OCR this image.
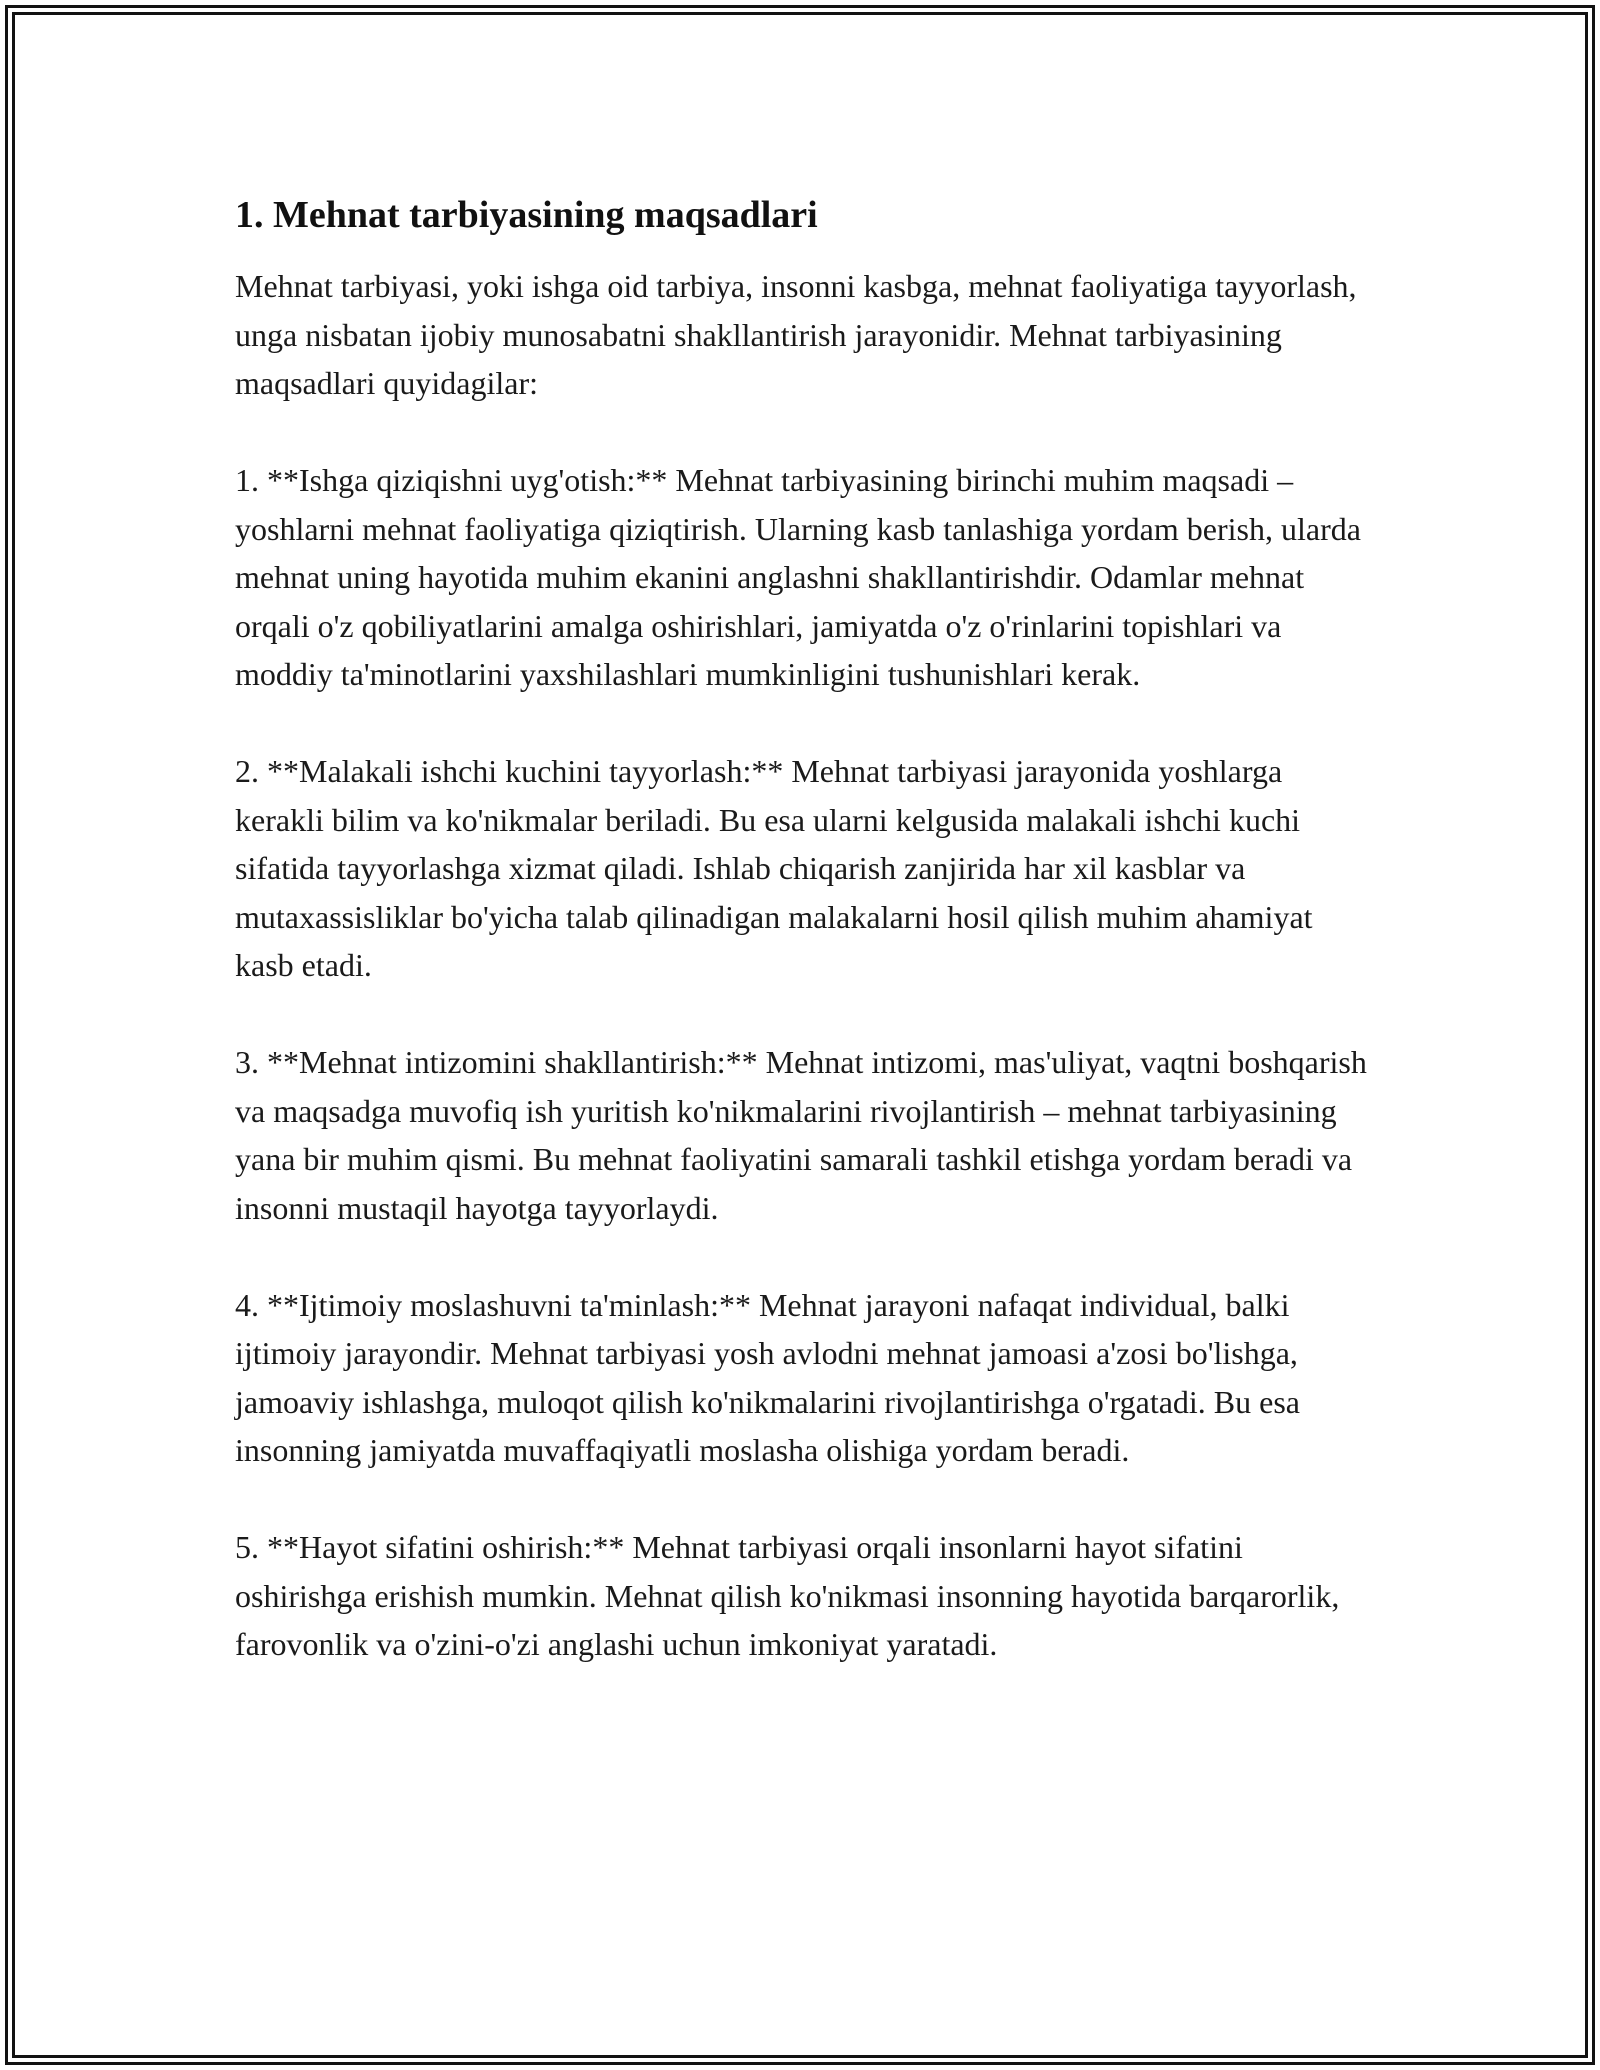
1. Mehnat tarbiyasining maqsadlari

Mehnat tarbiyasi, yoki ishga oid tarbiya, insonni kasbga, mehnat faoliyatiga tayyorlash, unga nisbatan ijobiy munosabatni shakllantirish jarayonidir. Mehnat tarbiyasining maqsadlari quyidagilar:

1. **Ishga qiziqishni uyg'otish:** Mehnat tarbiyasining birinchi muhim maqsadi – yoshlarni mehnat faoliyatiga qiziqtirish. Ularning kasb tanlashiga yordam berish, ularda mehnat uning hayotida muhim ekanini anglashni shakllantirishdir. Odamlar mehnat orqali o'z qobiliyatlarini amalga oshirishlari, jamiyatda o'z o'rinlarini topishlari va moddiy ta'minotlarini yaxshilashlari mumkinligini tushunishlari kerak.

2. **Malakali ishchi kuchini tayyorlash:** Mehnat tarbiyasi jarayonida yoshlarga kerakli bilim va ko'nikmalar beriladi. Bu esa ularni kelgusida malakali ishchi kuchi sifatida tayyorlashga xizmat qiladi. Ishlab chiqarish zanjirida har xil kasblar va mutaxassisliklar bo'yicha talab qilinadigan malakalarni hosil qilish muhim ahamiyat kasb etadi.

3. **Mehnat intizomini shakllantirish:** Mehnat intizomi, mas'uliyat, vaqtni boshqarish va maqsadga muvofiq ish yuritish ko'nikmalarini rivojlantirish – mehnat tarbiyasining yana bir muhim qismi. Bu mehnat faoliyatini samarali tashkil etishga yordam beradi va insonni mustaqil hayotga tayyorlaydi.

4. **Ijtimoiy moslashuvni ta'minlash:** Mehnat jarayoni nafaqat individual, balki ijtimoiy jarayondir. Mehnat tarbiyasi yosh avlodni mehnat jamoasi a'zosi bo'lishga, jamoaviy ishlashga, muloqot qilish ko'nikmalarini rivojlantirishga o'rgatadi. Bu esa insonning jamiyatda muvaffaqiyatli moslasha olishiga yordam beradi.

5. **Hayot sifatini oshirish:** Mehnat tarbiyasi orqali insonlarni hayot sifatini oshirishga erishish mumkin. Mehnat qilish ko'nikmasi insonning hayotida barqarorlik, farovonlik va o'zini-o'zi anglashi uchun imkoniyat yaratadi.
